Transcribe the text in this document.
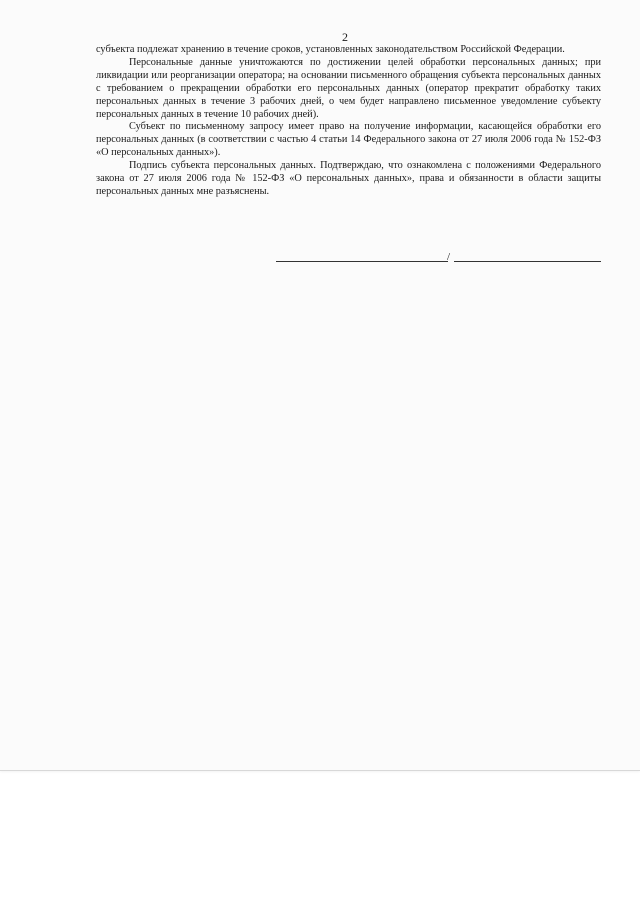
2

субъекта подлежат хранению в течение сроков, установленных законодательством Российской Федерации.

Персональные данные уничтожаются по достижении целей обработки персональных данных; при ликвидации или реорганизации оператора; на основании письменного обращения субъекта персональных данных с требованием о прекращении обработки его персональных данных (оператор прекратит обработку таких персональных данных в течение 3 рабочих дней, о чем будет направлено письменное уведомление субъекту персональных данных в течение 10 рабочих дней).

Субъект по письменному запросу имеет право на получение информации, касающейся обработки его персональных данных (в соответствии с частью 4 статьи 14 Федерального закона от 27 июля 2006 года № 152-ФЗ «О персональных данных»).

Подпись субъекта персональных данных. Подтверждаю, что ознакомлена с положениями Федерального закона от 27 июля 2006 года № 152-ФЗ «О персональных данных», права и обязанности в области защиты персональных данных мне разъяснены.

/
